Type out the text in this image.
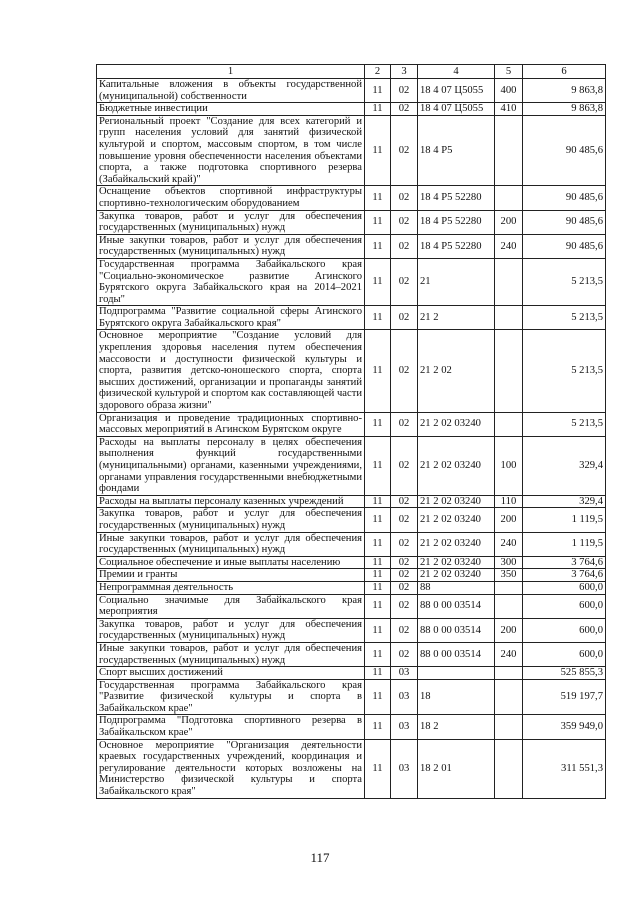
1	2	3	4	5	6
Капитальные вложения в объекты государственной (муниципальной) собственности	11	02	18 4 07 Ц5055	400	9 863,8
Бюджетные инвестиции	11	02	18 4 07 Ц5055	410	9 863,8
Региональный проект "Создание для всех категорий и групп населения условий для занятий физической культурой и спортом, массовым спортом, в том числе повышение уровня обеспеченности населения объектами спорта, а также подготовка спортивного резерва (Забайкальский край)"	11	02	18 4 P5		90 485,6
Оснащение объектов спортивной инфраструктуры спортивно-технологическим оборудованием	11	02	18 4 P5 52280		90 485,6
Закупка товаров, работ и услуг для обеспечения государственных (муниципальных) нужд	11	02	18 4 P5 52280	200	90 485,6
Иные закупки товаров, работ и услуг для обеспечения государственных (муниципальных) нужд	11	02	18 4 P5 52280	240	90 485,6
Государственная программа Забайкальского края "Социально-экономическое развитие Агинского Бурятского округа Забайкальского края на 2014–2021 годы"	11	02	21		5 213,5
Подпрограмма "Развитие социальной сферы Агинского Бурятского округа Забайкальского края"	11	02	21 2		5 213,5
Основное мероприятие "Создание условий для укрепления здоровья населения путем обеспечения массовости и доступности физической культуры и спорта, развития детско-юношеского спорта, спорта высших достижений, организации и пропаганды занятий физической культурой и спортом как составляющей части здорового образа жизни"	11	02	21 2 02		5 213,5
Организация и проведение традиционных спортивно-массовых мероприятий в Агинском Бурятском округе	11	02	21 2 02 03240		5 213,5
Расходы на выплаты персоналу в целях обеспечения выполнения функций государственными (муниципальными) органами, казенными учреждениями, органами управления государственными внебюджетными фондами	11	02	21 2 02 03240	100	329,4
Расходы на выплаты персоналу казенных учреждений	11	02	21 2 02 03240	110	329,4
Закупка товаров, работ и услуг для обеспечения государственных (муниципальных) нужд	11	02	21 2 02 03240	200	1 119,5
Иные закупки товаров, работ и услуг для обеспечения государственных (муниципальных) нужд	11	02	21 2 02 03240	240	1 119,5
Социальное обеспечение и иные выплаты населению	11	02	21 2 02 03240	300	3 764,6
Премии и гранты	11	02	21 2 02 03240	350	3 764,6
Непрограммная деятельность	11	02	88		600,0
Социально значимые для Забайкальского края мероприятия	11	02	88 0 00 03514		600,0
Закупка товаров, работ и услуг для обеспечения государственных (муниципальных) нужд	11	02	88 0 00 03514	200	600,0
Иные закупки товаров, работ и услуг для обеспечения государственных (муниципальных) нужд	11	02	88 0 00 03514	240	600,0
Спорт высших достижений	11	03			525 855,3
Государственная программа Забайкальского края "Развитие физической культуры и спорта в Забайкальском крае"	11	03	18		519 197,7
Подпрограмма "Подготовка спортивного резерва в Забайкальском крае"	11	03	18 2		359 949,0
Основное мероприятие "Организация деятельности краевых государственных учреждений, координация и регулирование деятельности которых возложены на Министерство физической культуры и спорта Забайкальского края"	11	03	18 2 01		311 551,3
117
